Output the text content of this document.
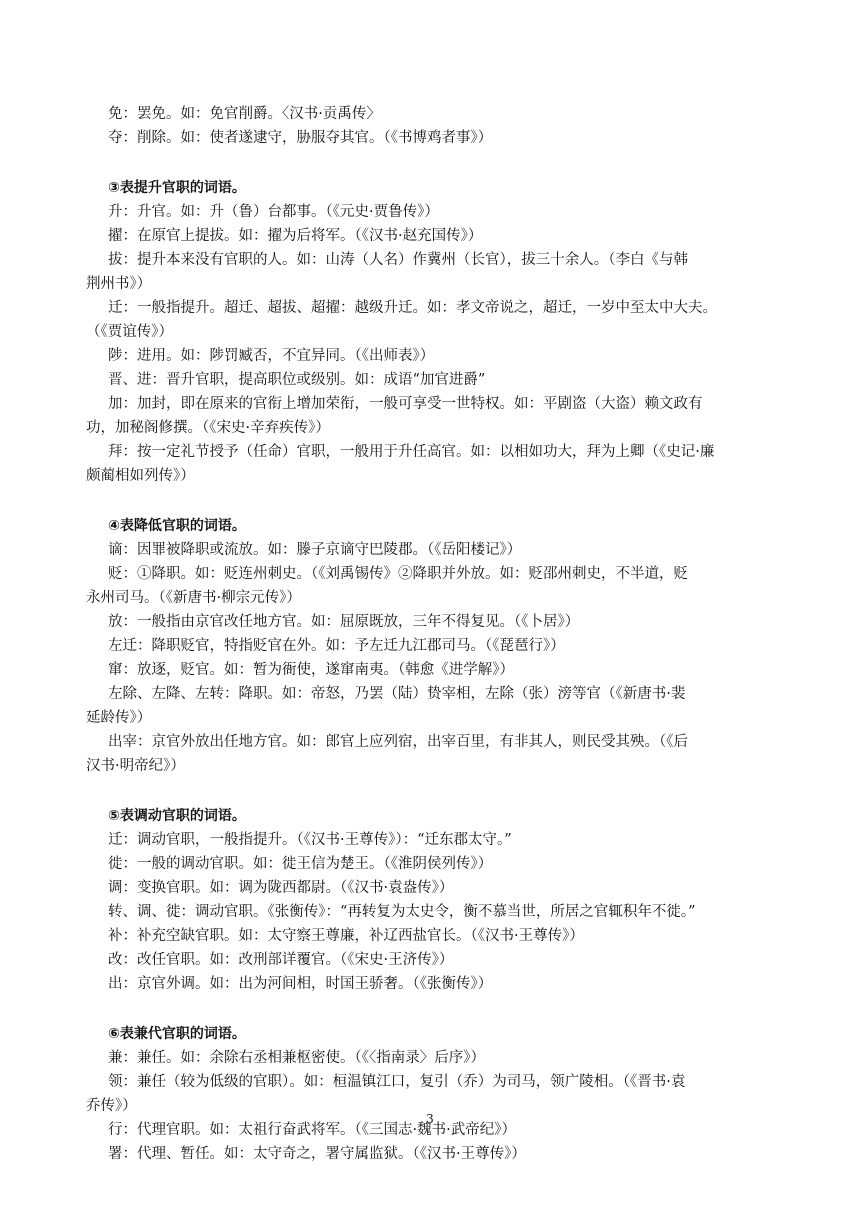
免：罢免。如：免官削爵。〈汉书·贡禹传〉
夺：削除。如：使者遂逮守，胁服夺其官。（《书博鸡者事》）
③表提升官职的词语。
升：升官。如：升（鲁）台都事。（《元史·贾鲁传》）
擢：在原官上提拔。如：擢为后将军。（《汉书·赵充国传》）
拔：提升本来没有官职的人。如：山涛（人名）作冀州（长官），拔三十余人。（李白《与韩
荆州书》）
迁：一般指提升。超迁、超拔、超擢：越级升迁。如：孝文帝说之，超迁，一岁中至太中大夫。
（《贾谊传》）
陟：进用。如：陟罚臧否，不宜异同。（《出师表》）
晋、进：晋升官职，提高职位或级别。如：成语“加官进爵”
加：加封，即在原来的官衔上增加荣衔，一般可享受一世特权。如：平剧盗（大盗）赖文政有
功，加秘阁修撰。（《宋史·辛弃疾传》）
拜：按一定礼节授予（任命）官职，一般用于升任高官。如：以相如功大，拜为上卿（《史记·廉
颇蔺相如列传》）
④表降低官职的词语。
谪：因罪被降职或流放。如：滕子京谪守巴陵郡。（《岳阳楼记》）
贬：①降职。如：贬连州刺史。（《刘禹锡传》②降职并外放。如：贬邵州刺史，不半道，贬
永州司马。（《新唐书·柳宗元传》）
放：一般指由京官改任地方官。如：屈原既放，三年不得复见。（《卜居》）
左迁：降职贬官，特指贬官在外。如：予左迁九江郡司马。（《琵琶行》）
窜：放逐，贬官。如：暂为衙使，遂窜南夷。（韩愈《进学解》）
左除、左降、左转：降职。如：帝怒，乃罢（陆）贽宰相，左除（张）滂等官（《新唐书·裴
延龄传》）
出宰：京官外放出任地方官。如：郎官上应列宿，出宰百里，有非其人，则民受其殃。（《后
汉书·明帝纪》）
⑤表调动官职的词语。
迁：调动官职，一般指提升。（《汉书·王尊传》）：“迁东郡太守。”
徙：一般的调动官职。如：徙王信为楚王。（《淮阴侯列传》）
调：变换官职。如：调为陇西都尉。（《汉书·袁盎传》）
转、调、徙：调动官职。《张衡传》：“再转复为太史令，衡不慕当世，所居之官辄积年不徙。”
补：补充空缺官职。如：太守察王尊廉，补辽西盐官长。（《汉书·王尊传》）
改：改任官职。如：改刑部详覆官。（《宋史·王济传》）
出：京官外调。如：出为河间相，时国王骄奢。（《张衡传》）
⑥表兼代官职的词语。
兼：兼任。如：余除右丞相兼枢密使。（《〈指南录〉后序》）
领：兼任（较为低级的官职）。如：桓温镇江口，复引（乔）为司马，领广陵相。（《晋书·袁
乔传》）
行：代理官职。如：太祖行奋武将军。（《三国志·魏书·武帝纪》）
署：代理、暂任。如：太守奇之，署守属监狱。（《汉书·王尊传》）
3
